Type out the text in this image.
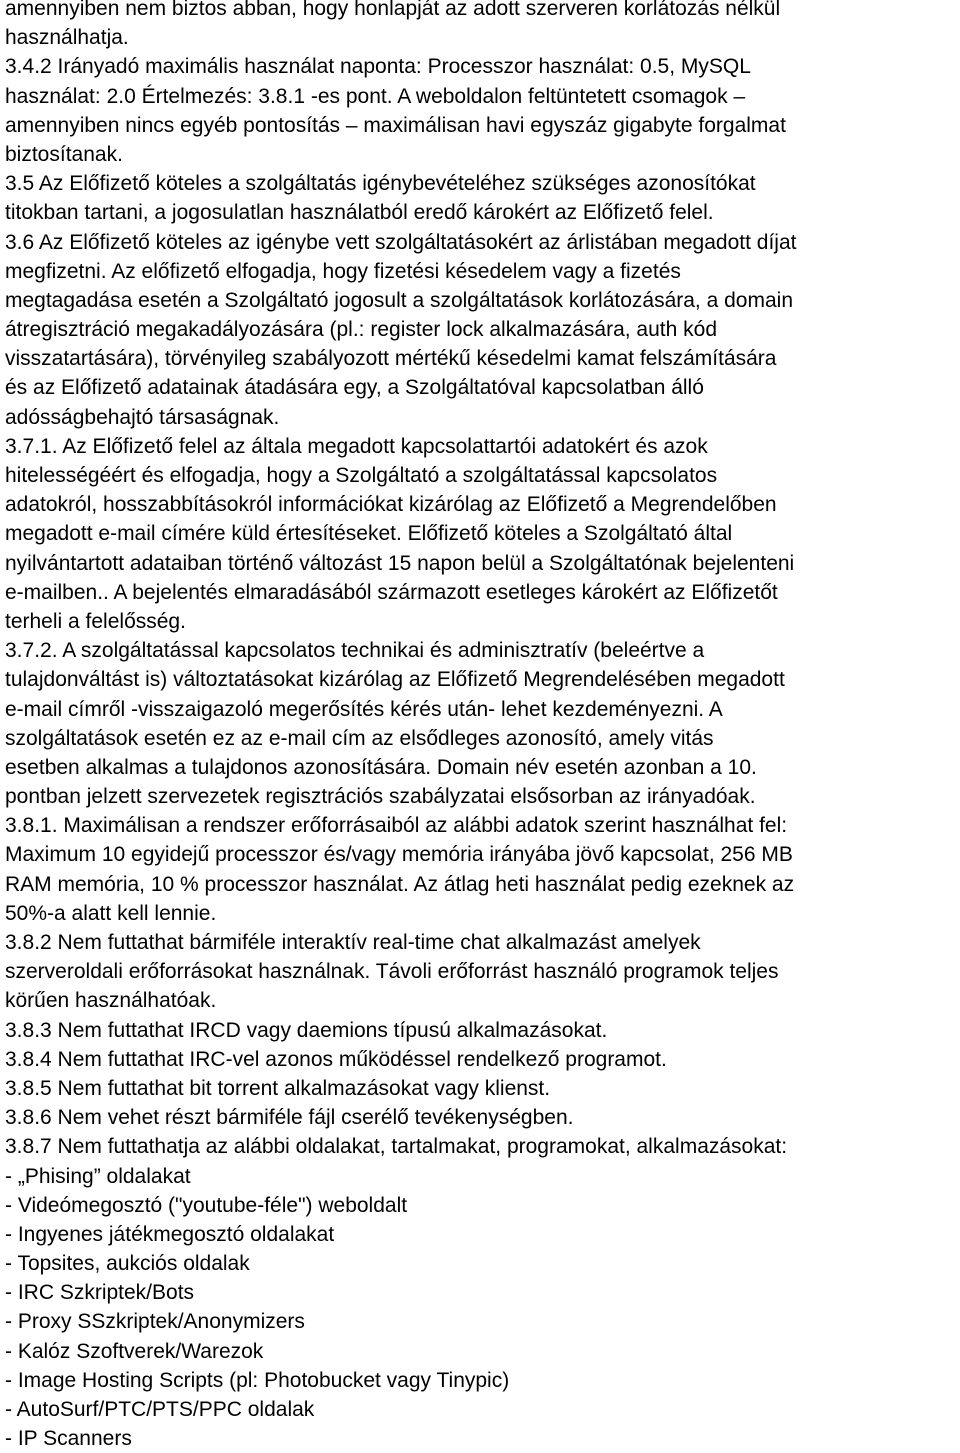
amennyiben nem biztos abban, hogy honlapját az adott szerveren korlátozás nélkül
használhatja.
3.4.2 Irányadó maximális használat naponta: Processzor használat: 0.5, MySQL
használat: 2.0 Értelmezés: 3.8.1 -es pont. A weboldalon feltüntetett csomagok –
amennyiben nincs egyéb pontosítás – maximálisan havi egyszáz gigabyte forgalmat
biztosítanak.
3.5 Az Előfizető köteles a szolgáltatás igénybevételéhez szükséges azonosítókat
titokban tartani, a jogosulatlan használatból eredő károkért az Előfizető felel.
3.6 Az Előfizető köteles az igénybe vett szolgáltatásokért az árlistában megadott díjat
megfizetni. Az előfizető elfogadja, hogy fizetési késedelem vagy a fizetés
megtagadása esetén a Szolgáltató jogosult a szolgáltatások korlátozására, a domain
átregisztráció megakadályozására (pl.: register lock alkalmazására, auth kód
visszatartására), törvényileg szabályozott mértékű késedelmi kamat felszámítására
és az Előfizető adatainak átadására egy, a Szolgáltatóval kapcsolatban álló
adósságbehajtó társaságnak.
3.7.1. Az Előfizető felel az általa megadott kapcsolattartói adatokért és azok
hitelességéért és elfogadja, hogy a Szolgáltató a szolgáltatással kapcsolatos
adatokról, hosszabbításokról információkat kizárólag az Előfizető a Megrendelőben
megadott e-mail címére küld értesítéseket. Előfizető köteles a Szolgáltató által
nyilvántartott adataiban történő változást 15 napon belül a Szolgáltatónak bejelenteni
e-mailben.. A bejelentés elmaradásából származott esetleges károkért az Előfizetőt
terheli a felelősség.
3.7.2. A szolgáltatással kapcsolatos technikai és adminisztratív (beleértve a
tulajdonváltást is) változtatásokat kizárólag az Előfizető Megrendelésében megadott
e-mail címről -visszaigazoló megerősítés kérés után- lehet kezdeményezni. A
szolgáltatások esetén ez az e-mail cím az elsődleges azonosító, amely vitás
esetben alkalmas a tulajdonos azonosítására. Domain név esetén azonban a 10.
pontban jelzett szervezetek regisztrációs szabályzatai elsősorban az irányadóak.
3.8.1. Maximálisan a rendszer erőforrásaiból az alábbi adatok szerint használhat fel:
Maximum 10 egyidejű processzor és/vagy memória irányába jövő kapcsolat, 256 MB
RAM memória, 10 % processzor használat. Az átlag heti használat pedig ezeknek az
50%-a alatt kell lennie.
3.8.2 Nem futtathat bármiféle interaktív real-time chat alkalmazást amelyek
szerveroldali erőforrásokat használnak. Távoli erőforrást használó programok teljes
körűen használhatóak.
3.8.3 Nem futtathat IRCD vagy daemions típusú alkalmazásokat.
3.8.4 Nem futtathat IRC-vel azonos működéssel rendelkező programot.
3.8.5 Nem futtathat bit torrent alkalmazásokat vagy klienst.
3.8.6 Nem vehet részt bármiféle fájl cserélő tevékenységben.
3.8.7 Nem futtathatja az alábbi oldalakat, tartalmakat, programokat, alkalmazásokat:
- „Phising” oldalakat
- Videómegosztó ("youtube-féle") weboldalt
- Ingyenes játékmegosztó oldalakat
- Topsites, aukciós oldalak
- IRC Szkriptek/Bots
- Proxy SSzkriptek/Anonymizers
- Kalóz Szoftverek/Warezok
- Image Hosting Scripts (pl: Photobucket vagy Tinypic)
- AutoSurf/PTC/PTS/PPC oldalak
- IP Scanners
